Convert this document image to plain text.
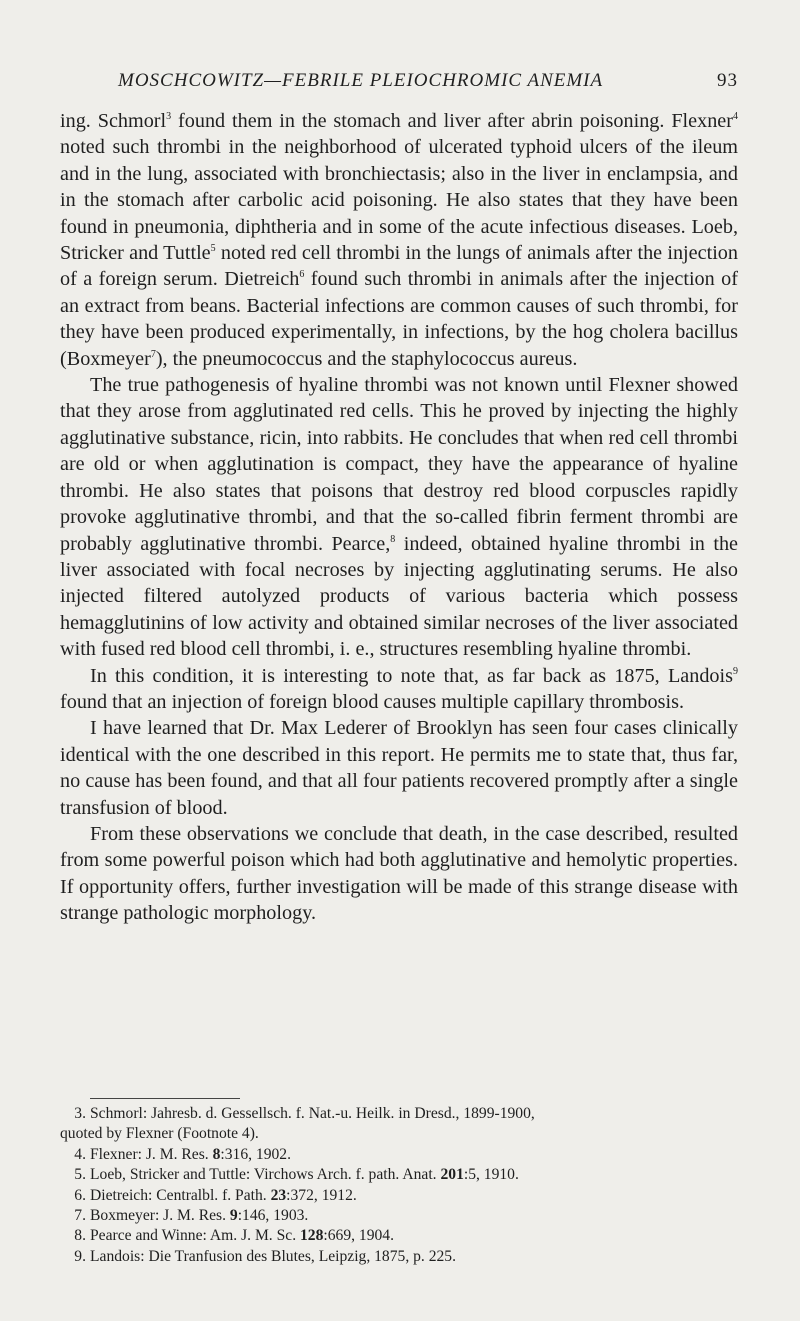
MOSCHCOWITZ—FEBRILE PLEIOCHROMIC ANEMIA	93

ing. Schmorl$^3$ found them in the stomach and liver after abrin poisoning. Flexner$^4$ noted such thrombi in the neighborhood of ulcerated typhoid ulcers of the ileum and in the lung, associated with bronchiectasis; also in the liver in enclampsia, and in the stomach after carbolic acid poisoning. He also states that they have been found in pneumonia, diphtheria and in some of the acute infectious diseases. Loeb, Stricker and Tuttle$^5$ noted red cell thrombi in the lungs of animals after the injection of a foreign serum. Dietreich$^6$ found such thrombi in animals after the injection of an extract from beans. Bacterial infections are common causes of such thrombi, for they have been produced experimentally, in infections, by the hog cholera bacillus (Boxmeyer$^7$), the pneumococcus and the staphylococcus aureus.

The true pathogenesis of hyaline thrombi was not known until Flexner showed that they arose from agglutinated red cells. This he proved by injecting the highly agglutinative substance, ricin, into rabbits. He concludes that when red cell thrombi are old or when agglutination is compact, they have the appearance of hyaline thrombi. He also states that poisons that destroy red blood corpuscles rapidly provoke agglutinative thrombi, and that the so-called fibrin ferment thrombi are probably agglutinative thrombi. Pearce,$^8$ indeed, obtained hyaline thrombi in the liver associated with focal necroses by injecting agglutinating serums. He also injected filtered autolyzed products of various bacteria which possess hemagglutinins of low activity and obtained similar necroses of the liver associated with fused red blood cell thrombi, i. e., structures resembling hyaline thrombi.

In this condition, it is interesting to note that, as far back as 1875, Landois$^9$ found that an injection of foreign blood causes multiple capillary thrombosis.

I have learned that Dr. Max Lederer of Brooklyn has seen four cases clinically identical with the one described in this report. He permits me to state that, thus far, no cause has been found, and that all four patients recovered promptly after a single transfusion of blood.

From these observations we conclude that death, in the case described, resulted from some powerful poison which had both agglutinative and hemolytic properties. If opportunity offers, further investigation will be made of this strange disease with strange pathologic morphology.

3. Schmorl: Jahresb. d. Gessellsch. f. Nat.-u. Heilk. in Dresd., 1899-1900,
quoted by Flexner (Footnote 4).
4. Flexner: J. M. Res. 8:316, 1902.
5. Loeb, Stricker and Tuttle: Virchows Arch. f. path. Anat. 201:5, 1910.
6. Dietreich: Centralbl. f. Path. 23:372, 1912.
7. Boxmeyer: J. M. Res. 9:146, 1903.
8. Pearce and Winne: Am. J. M. Sc. 128:669, 1904.
9. Landois: Die Tranfusion des Blutes, Leipzig, 1875, p. 225.
